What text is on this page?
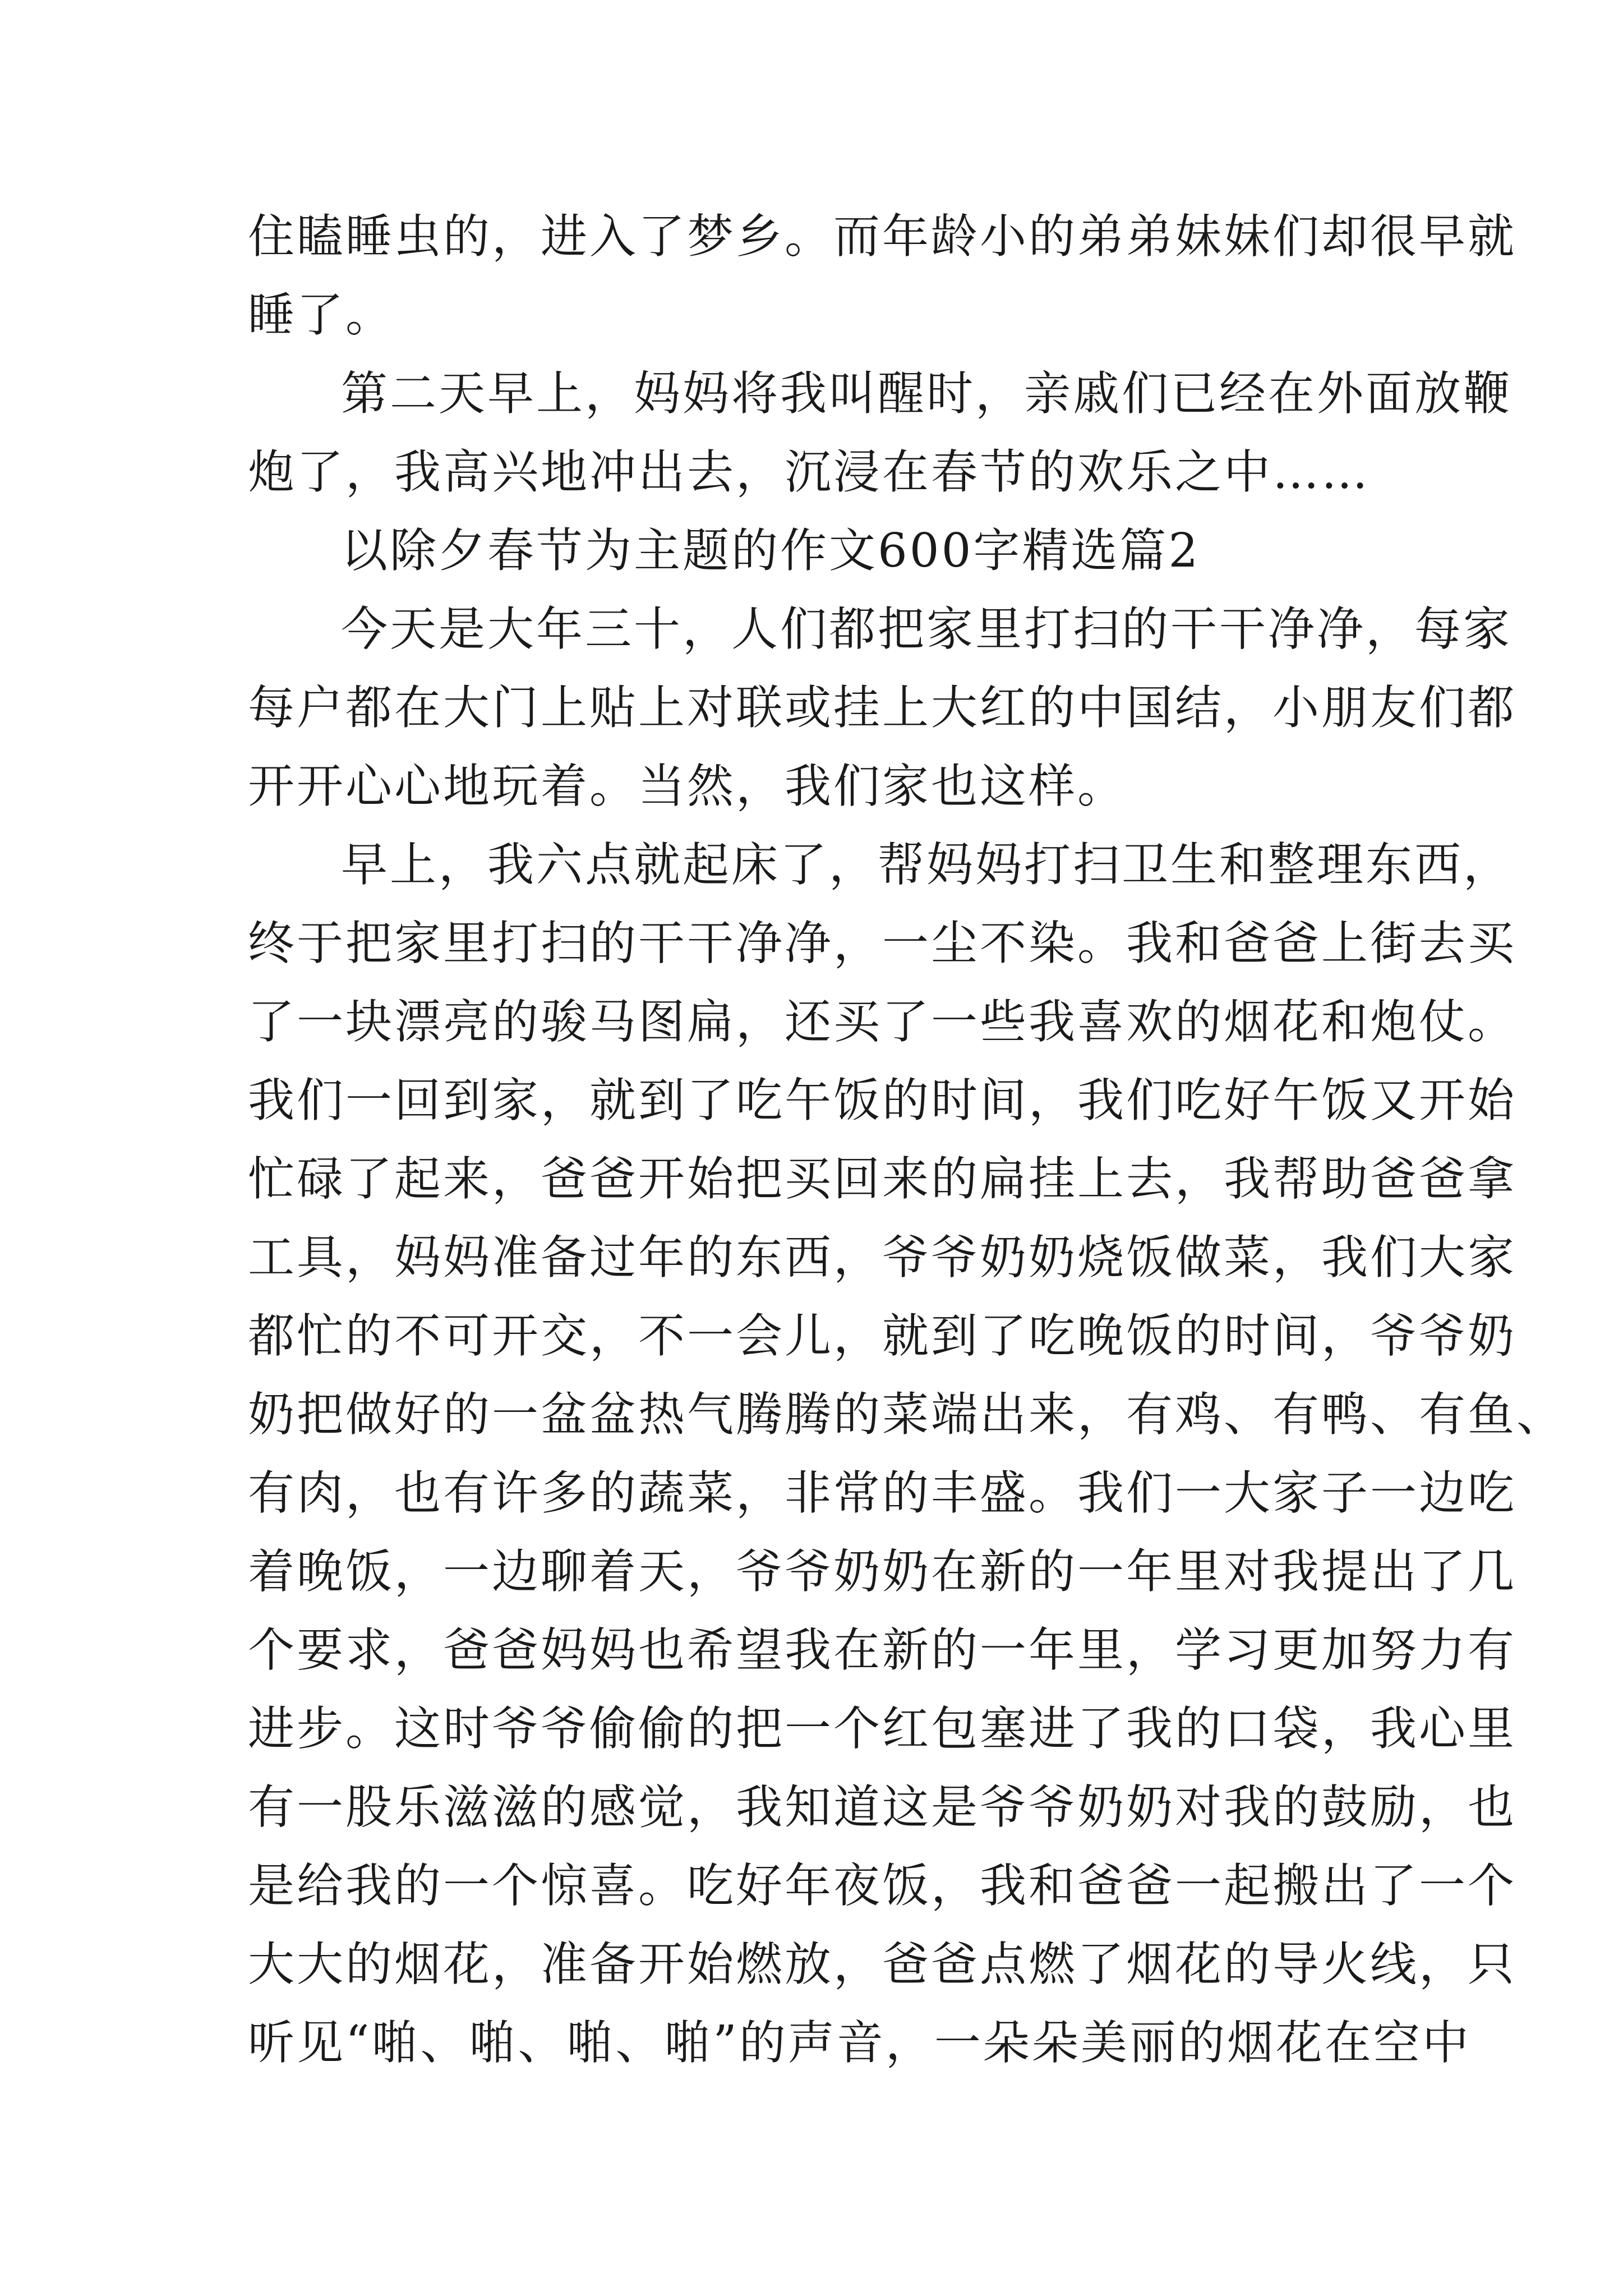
住瞌睡虫的，进入了梦乡。而年龄小的弟弟妹妹们却很早就
睡了。
第二天早上，妈妈将我叫醒时，亲戚们已经在外面放鞭
炮了，我高兴地冲出去，沉浸在春节的欢乐之中……
以除夕春节为主题的作文600字精选篇2
今天是大年三十，人们都把家里打扫的干干净净，每家
每户都在大门上贴上对联或挂上大红的中国结，小朋友们都
开开心心地玩着。当然，我们家也这样。
早上，我六点就起床了，帮妈妈打扫卫生和整理东西，
终于把家里打扫的干干净净，一尘不染。我和爸爸上街去买
了一块漂亮的骏马图扁，还买了一些我喜欢的烟花和炮仗。
我们一回到家，就到了吃午饭的时间，我们吃好午饭又开始
忙碌了起来，爸爸开始把买回来的扁挂上去，我帮助爸爸拿
工具，妈妈准备过年的东西，爷爷奶奶烧饭做菜，我们大家
都忙的不可开交，不一会儿，就到了吃晚饭的时间，爷爷奶
奶把做好的一盆盆热气腾腾的菜端出来，有鸡、有鸭、有鱼、
有肉，也有许多的蔬菜，非常的丰盛。我们一大家子一边吃
着晚饭，一边聊着天，爷爷奶奶在新的一年里对我提出了几
个要求，爸爸妈妈也希望我在新的一年里，学习更加努力有
进步。这时爷爷偷偷的把一个红包塞进了我的口袋，我心里
有一股乐滋滋的感觉，我知道这是爷爷奶奶对我的鼓励，也
是给我的一个惊喜。吃好年夜饭，我和爸爸一起搬出了一个
大大的烟花，准备开始燃放，爸爸点燃了烟花的导火线，只
听见“啪、啪、啪、啪”的声音，一朵朵美丽的烟花在空中
